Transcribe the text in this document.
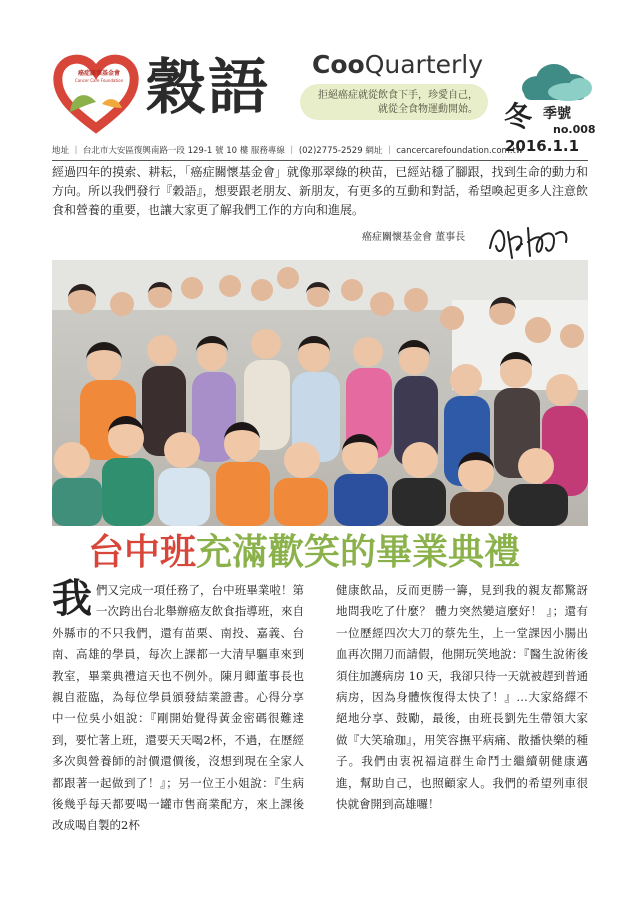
癌症關懷基金會
Cancer Care Foundation 穀語 CooQuarterly
拒絕癌症就從飲食下手，珍愛自己，
就從全食物運動開始。 冬 季號
no.008
2016.1.1
地址 ｜ 台北市大安區復興南路一段 129-1 號 10 樓 服務專線 ｜ (02)2775-2529 網址 ｜ cancercarefoundation.com.tw
經過四年的摸索、耕耘，「癌症關懷基金會」就像那翠綠的秧苗，已經站穩了腳跟，找到生命的動力和方向。所以我們發行『穀語』，想要跟老朋友、新朋友，有更多的互動和對話，希望喚起更多人注意飲食和營養的重要，也讓大家更了解我們工作的方向和進展。
癌症關懷基金會 董事長
台中班充滿歡笑的畢業典禮
我們又完成一項任務了，台中班畢業啦！第一次跨出台北舉辦癌友飲食指導班，來自外縣市的不只我們，還有苗栗、南投、嘉義、台南、高雄的學員，每次上課都一大清早驅車來到教室，畢業典禮這天也不例外。陳月卿董事長也親自蒞臨，為每位學員頒發結業證書。心得分享中一位吳小姐說：『剛開始覺得黃金密碼很難達到，要忙著上班，還要天天喝2杯，不過，在歷經多次與營養師的討價還價後，沒想到現在全家人都跟著一起做到了！』；另一位王小姐說：『生病後幾乎每天都要喝一罐市售商業配方，來上課後改成喝自製的2杯
健康飲品，反而更勝一籌，見到我的親友都驚訝地問我吃了什麼？ 體力突然變這麼好！ 』；還有一位歷經四次大刀的蔡先生，上一堂課因小腸出血再次開刀而請假，他開玩笑地說：『醫生說術後須住加護病房 10 天，我卻只待一天就被趕到普通病房，因為身體恢復得太快了！』…大家絡繹不絕地分享、鼓勵，最後，由班長劉先生帶領大家做『大笑瑜珈』，用笑容撫平病痛、散播快樂的種子。我們由衷祝福這群生命鬥士繼續朝健康邁進，幫助自己，也照顧家人。我們的希望列車很快就會開到高雄囉！
